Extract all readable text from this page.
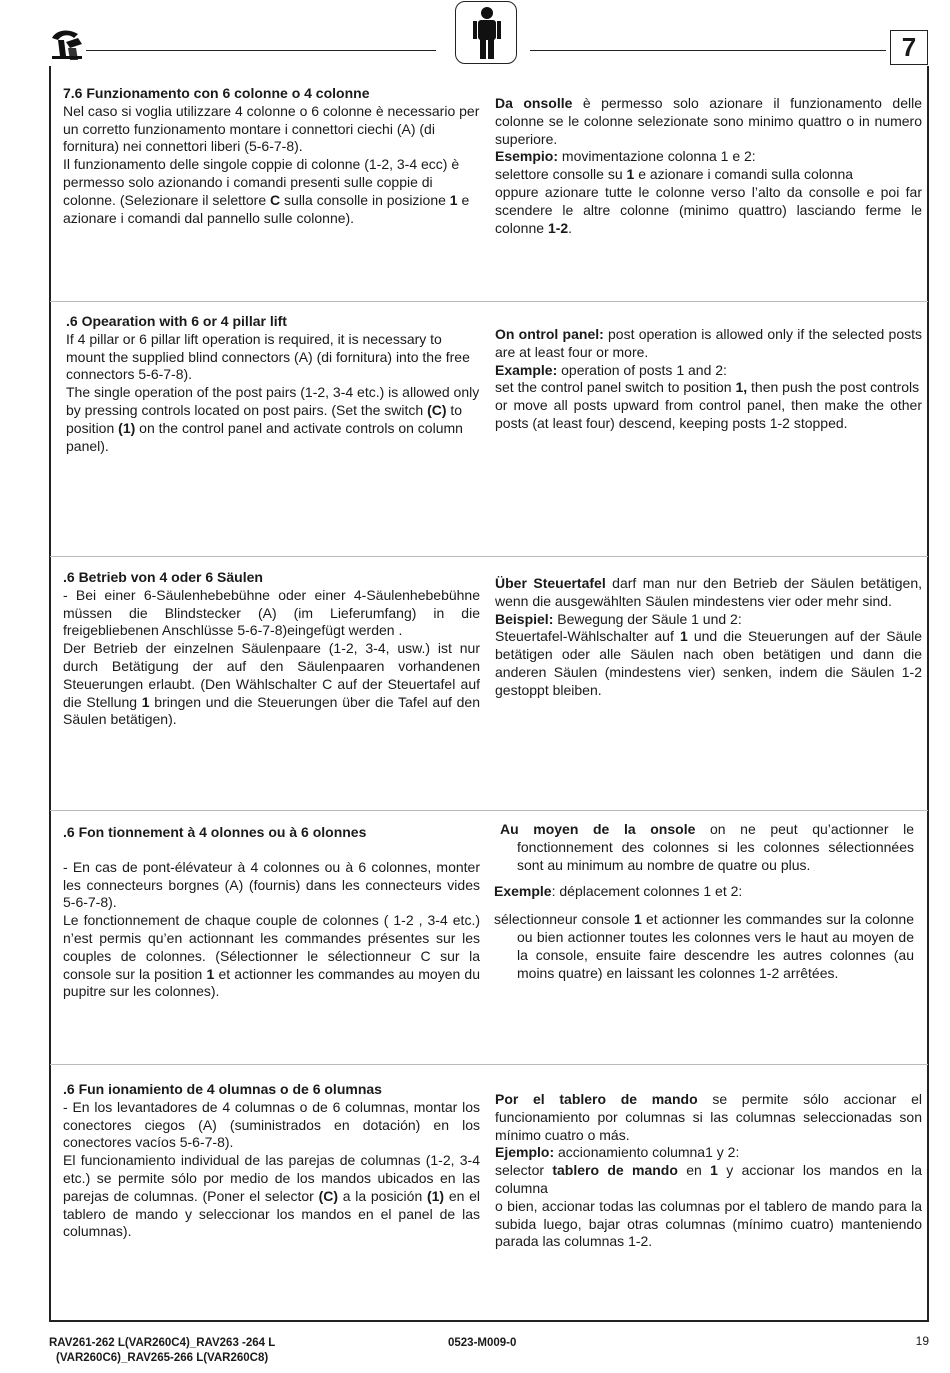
7

7.6 Funzionamento con 6 colonne o 4 colonne

Nel caso si voglia utilizzare 4 colonne o 6 colonne è necessario per un corretto funzionamento montare i connettori ciechi (A) (di fornitura) nei connettori liberi (5-6-7-8).

Il funzionamento delle singole coppie di colonne (1-2, 3-4 ecc) è permesso solo azionando i comandi presenti sulle coppie di colonne. (Selezionare il selettore C sulla consolle in posizione 1 e azionare i comandi dal pannello sulle colonne).

Da onsolle è permesso solo azionare il funzionamento delle colonne se le colonne selezionate sono minimo quattro o in numero superiore.

Esempio: movimentazione colonna 1 e 2:

selettore consolle su 1 e azionare i comandi sulla colonna

oppure azionare tutte le colonne verso l’alto da consolle e poi far scendere le altre colonne (minimo quattro) lasciando ferme le colonne 1-2.

.6 Opearation with 6 or 4 pillar lift

If 4 pillar or 6 pillar lift operation is required, it is necessary to mount the supplied blind connectors (A) (di fornitura) into the free connectors 5-6-7-8).

The single operation of the post pairs (1-2, 3-4 etc.) is allowed only by pressing controls located on post pairs. (Set the switch (C) to position (1) on the control panel and activate controls on column panel).

On ontrol panel: post operation is allowed only if the selected posts are at least four or more.

Example: operation of posts 1 and 2:

set the control panel switch to position 1, then push the post controls

or move all posts upward from control panel, then make the other posts (at least four) descend, keeping posts 1-2 stopped.

.6 Betrieb von 4 oder 6 Säulen

- Bei einer 6-Säulenhebebühne oder einer 4-Säulenhebebühne müssen die Blindstecker (A) (im Lieferumfang) in die freigebliebenen Anschlüsse 5-6-7-8)eingefügt werden .

Der Betrieb der einzelnen Säulenpaare (1-2, 3-4, usw.) ist nur durch Betätigung der auf den Säulenpaaren vorhandenen Steuerungen erlaubt. (Den Wählschalter C auf der Steuertafel auf die Stellung 1 bringen und die Steuerungen über die Tafel auf den Säulen betätigen).

Über Steuertafel darf man nur den Betrieb der Säulen betätigen, wenn die ausgewählten Säulen mindestens vier oder mehr sind.

Beispiel: Bewegung der Säule 1 und 2:

Steuertafel-Wählschalter auf 1 und die Steuerungen auf der Säule betätigen oder alle Säulen nach oben betätigen und dann die anderen Säulen (mindestens vier) senken, indem die Säulen 1-2 gestoppt bleiben.

.6 Fon tionnement à 4 olonnes ou à 6 olonnes

- En cas de pont-élévateur à 4 colonnes ou à 6 colonnes, monter les connecteurs borgnes (A) (fournis) dans les connecteurs vides 5-6-7-8).

Le fonctionnement de chaque couple de colonnes ( 1-2 , 3-4 etc.) n’est permis qu’en actionnant les commandes présentes sur les couples de colonnes. (Sélectionner le sélectionneur C sur la console sur la position 1 et actionner les commandes au moyen du pupitre sur les colonnes).

Au moyen de la onsole on ne peut qu’actionner le fonctionnement des colonnes si les colonnes sélectionnées sont au minimum au nombre de quatre ou plus.

Exemple: déplacement colonnes 1 et 2:

sélectionneur console 1 et actionner les commandes sur la colonne ou bien actionner toutes les colonnes vers le haut au moyen de la console, ensuite faire descendre les autres colonnes (au moins quatre) en laissant les colonnes 1-2 arrêtées.

.6 Fun ionamiento de 4 olumnas o de 6 olumnas

- En los levantadores de 4 columnas o de 6 columnas, montar los conectores ciegos (A) (suministrados en dotación) en los conectores vacíos 5-6-7-8).

El funcionamiento individual de las parejas de columnas (1-2, 3-4 etc.) se permite sólo por medio de los mandos ubicados en las parejas de columnas. (Poner el selector (C) a la posición (1) en el tablero de mando y seleccionar los mandos en el panel de las columnas).

Por el tablero de mando se permite sólo accionar el funcionamiento por columnas si las columnas seleccionadas son mínimo cuatro o más.

Ejemplo: accionamiento columna1 y 2:

selector tablero de mando en 1 y accionar los mandos en la columna

o bien, accionar todas las columnas por el tablero de mando para la subida luego, bajar otras columnas (mínimo cuatro) manteniendo parada las columnas 1-2.

RAV261-262 L(VAR260C4)_RAV263 -264 L
(VAR260C6)_RAV265-266 L(VAR260C8)
0523-M009-0	19
